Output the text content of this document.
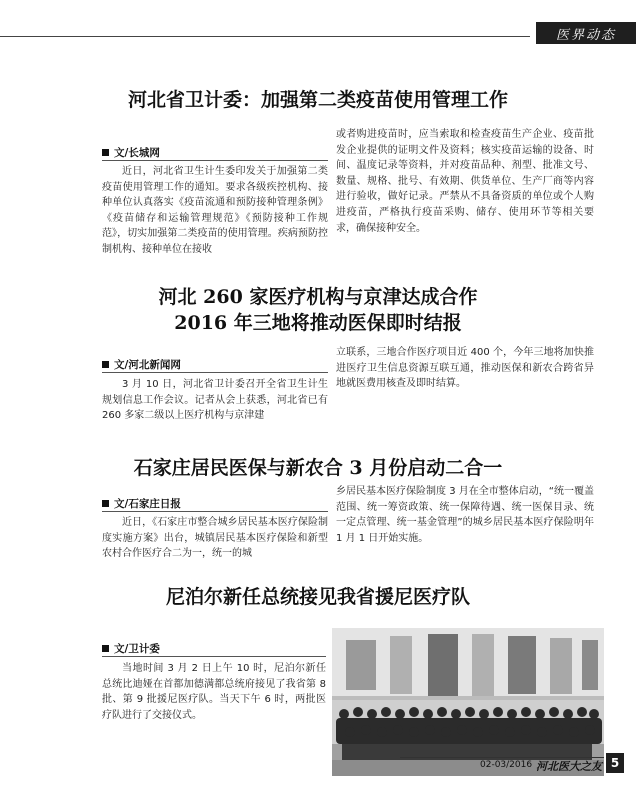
医界动态
河北省卫计委：加强第二类疫苗使用管理工作
文/长城网

近日，河北省卫生计生委印发关于加强第二类疫苗使用管理工作的通知。要求各级疾控机构、接种单位认真落实《疫苗流通和预防接种管理条例》《疫苗储存和运输管理规范》《预防接种工作规范》，切实加强第二类疫苗的使用管理。疾病预防控制机构、接种单位在接收

或者购进疫苗时，应当索取和检查疫苗生产企业、疫苗批发企业提供的证明文件及资料；核实疫苗运输的设备、时间、温度记录等资料，并对疫苗品种、剂型、批准文号、数量、规格、批号、有效期、供货单位、生产厂商等内容进行验收，做好记录。严禁从不具备资质的单位或个人购进疫苗，严格执行疫苗采购、储存、使用环节等相关要求，确保接种安全。

河北 260 家医疗机构与京津达成合作
2016 年三地将推动医保即时结报
文/河北新闻网

3 月 10 日，河北省卫计委召开全省卫生计生规划信息工作会议。记者从会上获悉，河北省已有 260 多家二级以上医疗机构与京津建

立联系，三地合作医疗项目近 400 个，今年三地将加快推进医疗卫生信息资源互联互通，推动医保和新农合跨省异地就医费用核查及即时结算。

石家庄居民医保与新农合 3 月份启动二合一
文/石家庄日报

近日，《石家庄市整合城乡居民基本医疗保险制度实施方案》出台，城镇居民基本医疗保险和新型农村合作医疗合二为一，统一的城

乡居民基本医疗保险制度 3 月在全市整体启动，“统一覆盖范围、统一筹资政策、统一保障待遇、统一医保目录、统一定点管理、统一基金管理”的城乡居民基本医疗保险明年 1 月 1 日开始实施。

尼泊尔新任总统接见我省援尼医疗队
文/卫计委

当地时间 3 月 2 日上午 10 时，尼泊尔新任总统比迪娅在首都加德满都总统府接见了我省第 8 批、第 9 批援尼医疗队。当天下午 6 时，两批医疗队进行了交接仪式。

02-03/2016 河北医大之友 5
